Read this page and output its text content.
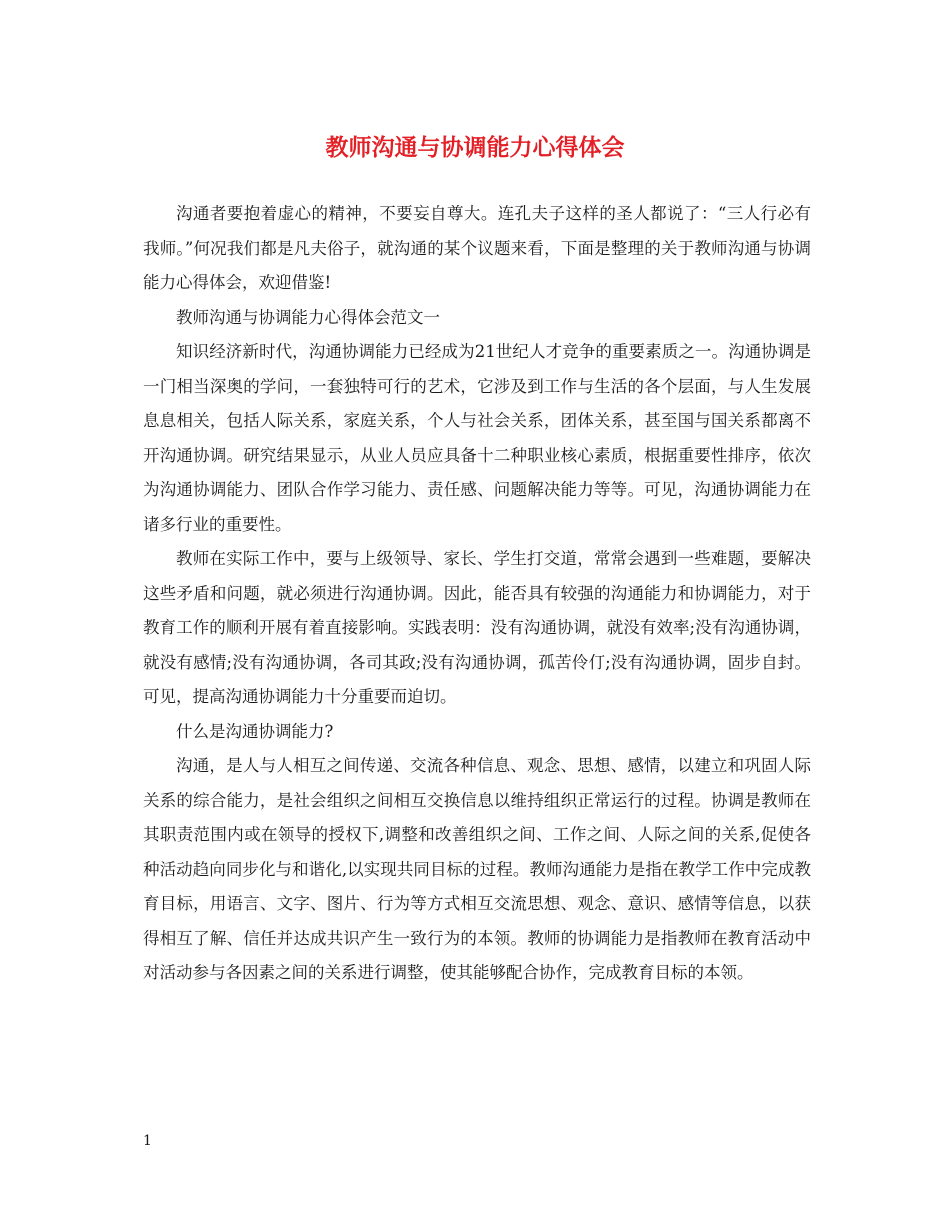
教师沟通与协调能力心得体会

沟通者要抱着虚心的精神，不要妄自尊大。连孔夫子这样的圣人都说了：“三人行必有我师。”何况我们都是凡夫俗子，就沟通的某个议题来看，下面是整理的关于教师沟通与协调能力心得体会，欢迎借鉴!

教师沟通与协调能力心得体会范文一

知识经济新时代，沟通协调能力已经成为21世纪人才竞争的重要素质之一。沟通协调是一门相当深奥的学问，一套独特可行的艺术，它涉及到工作与生活的各个层面，与人生发展息息相关，包括人际关系，家庭关系，个人与社会关系，团体关系，甚至国与国关系都离不开沟通协调。研究结果显示，从业人员应具备十二种职业核心素质，根据重要性排序，依次为沟通协调能力、团队合作学习能力、责任感、问题解决能力等等。可见，沟通协调能力在诸多行业的重要性。

教师在实际工作中，要与上级领导、家长、学生打交道，常常会遇到一些难题，要解决这些矛盾和问题，就必须进行沟通协调。因此，能否具有较强的沟通能力和协调能力，对于教育工作的顺利开展有着直接影响。实践表明：没有沟通协调，就没有效率;没有沟通协调，就没有感情;没有沟通协调，各司其政;没有沟通协调，孤苦伶仃;没有沟通协调，固步自封。可见，提高沟通协调能力十分重要而迫切。

什么是沟通协调能力?

沟通，是人与人相互之间传递、交流各种信息、观念、思想、感情，以建立和巩固人际关系的综合能力，是社会组织之间相互交换信息以维持组织正常运行的过程。协调是教师在其职责范围内或在领导的授权下,调整和改善组织之间、工作之间、人际之间的关系,促使各种活动趋向同步化与和谐化,以实现共同目标的过程。教师沟通能力是指在教学工作中完成教育目标，用语言、文字、图片、行为等方式相互交流思想、观念、意识、感情等信息，以获得相互了解、信任并达成共识产生一致行为的本领。教师的协调能力是指教师在教育活动中对活动参与各因素之间的关系进行调整，使其能够配合协作，完成教育目标的本领。

1
